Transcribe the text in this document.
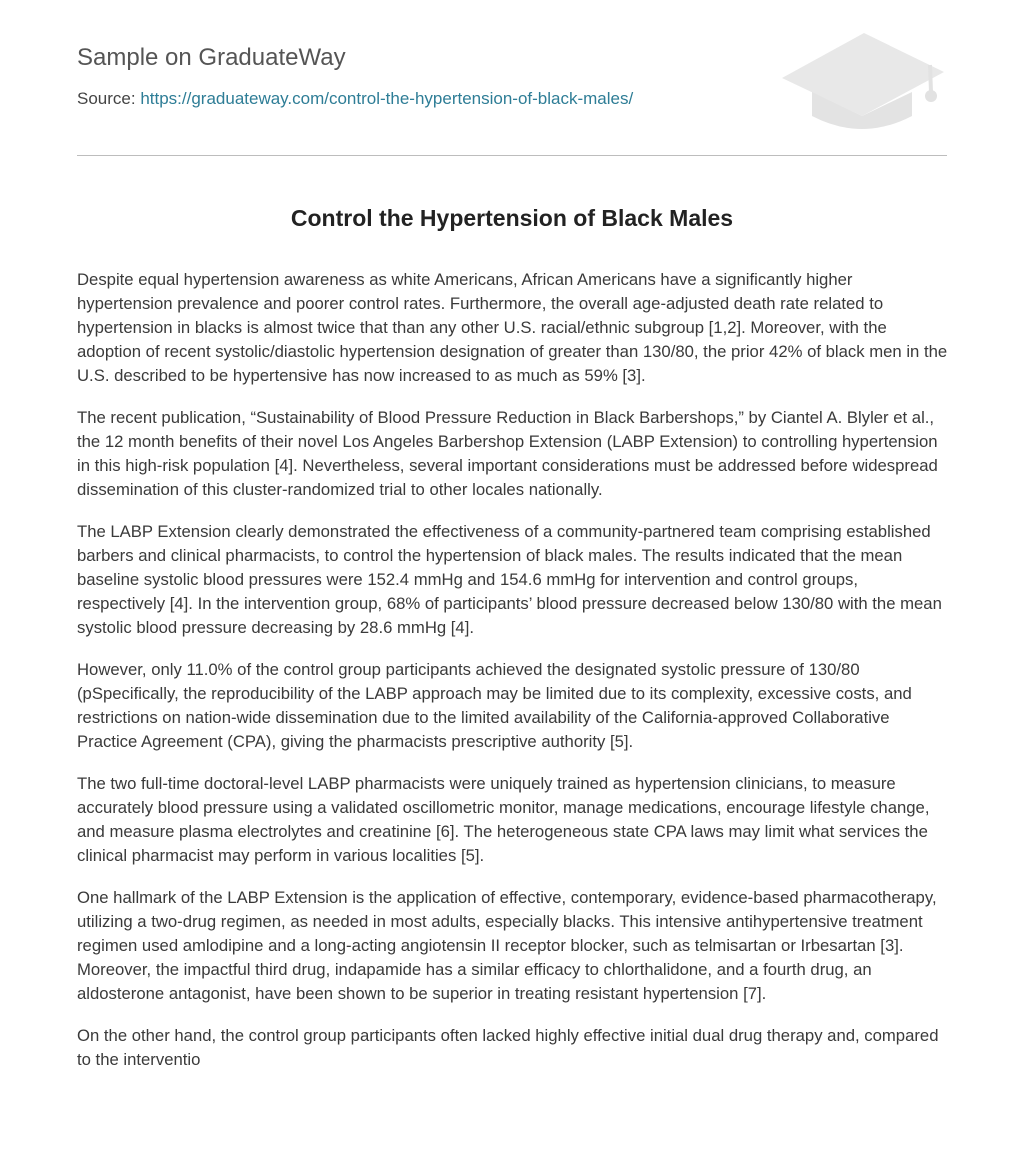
Sample on GraduateWay
Source: https://graduateway.com/control-the-hypertension-of-black-males/
Control the Hypertension of Black Males

Despite equal hypertension awareness as white Americans, African Americans have a significantly higher hypertension prevalence and poorer control rates. Furthermore, the overall age-adjusted death rate related to hypertension in blacks is almost twice that than any other U.S. racial/ethnic subgroup [1,2]. Moreover, with the adoption of recent systolic/diastolic hypertension designation of greater than 130/80, the prior 42% of black men in the U.S. described to be hypertensive has now increased to as much as 59% [3].

The recent publication, “Sustainability of Blood Pressure Reduction in Black Barbershops,” by Ciantel A. Blyler et al., the 12 month benefits of their novel Los Angeles Barbershop Extension (LABP Extension) to controlling hypertension in this high-risk population [4]. Nevertheless, several important considerations must be addressed before widespread dissemination of this cluster-randomized trial to other locales nationally.

The LABP Extension clearly demonstrated the effectiveness of a community-partnered team comprising established barbers and clinical pharmacists, to control the hypertension of black males. The results indicated that the mean baseline systolic blood pressures were 152.4 mmHg and 154.6 mmHg for intervention and control groups, respectively [4]. In the intervention group, 68% of participants’ blood pressure decreased below 130/80 with the mean systolic blood pressure decreasing by 28.6 mmHg [4].

However, only 11.0% of the control group participants achieved the designated systolic pressure of 130/80 (pSpecifically, the reproducibility of the LABP approach may be limited due to its complexity, excessive costs, and restrictions on nation-wide dissemination due to the limited availability of the California-approved Collaborative Practice Agreement (CPA), giving the pharmacists prescriptive authority [5].

The two full-time doctoral-level LABP pharmacists were uniquely trained as hypertension clinicians, to measure accurately blood pressure using a validated oscillometric monitor, manage medications, encourage lifestyle change, and measure plasma electrolytes and creatinine [6]. The heterogeneous state CPA laws may limit what services the clinical pharmacist may perform in various localities [5].

One hallmark of the LABP Extension is the application of effective, contemporary, evidence-based pharmacotherapy, utilizing a two-drug regimen, as needed in most adults, especially blacks. This intensive antihypertensive treatment regimen used amlodipine and a long-acting angiotensin II receptor blocker, such as telmisartan or Irbesartan [3]. Moreover, the impactful third drug, indapamide has a similar efficacy to chlorthalidone, and a fourth drug, an aldosterone antagonist, have been shown to be superior in treating resistant hypertension [7].

On the other hand, the control group participants often lacked highly effective initial dual drug therapy and, compared to the interventio
